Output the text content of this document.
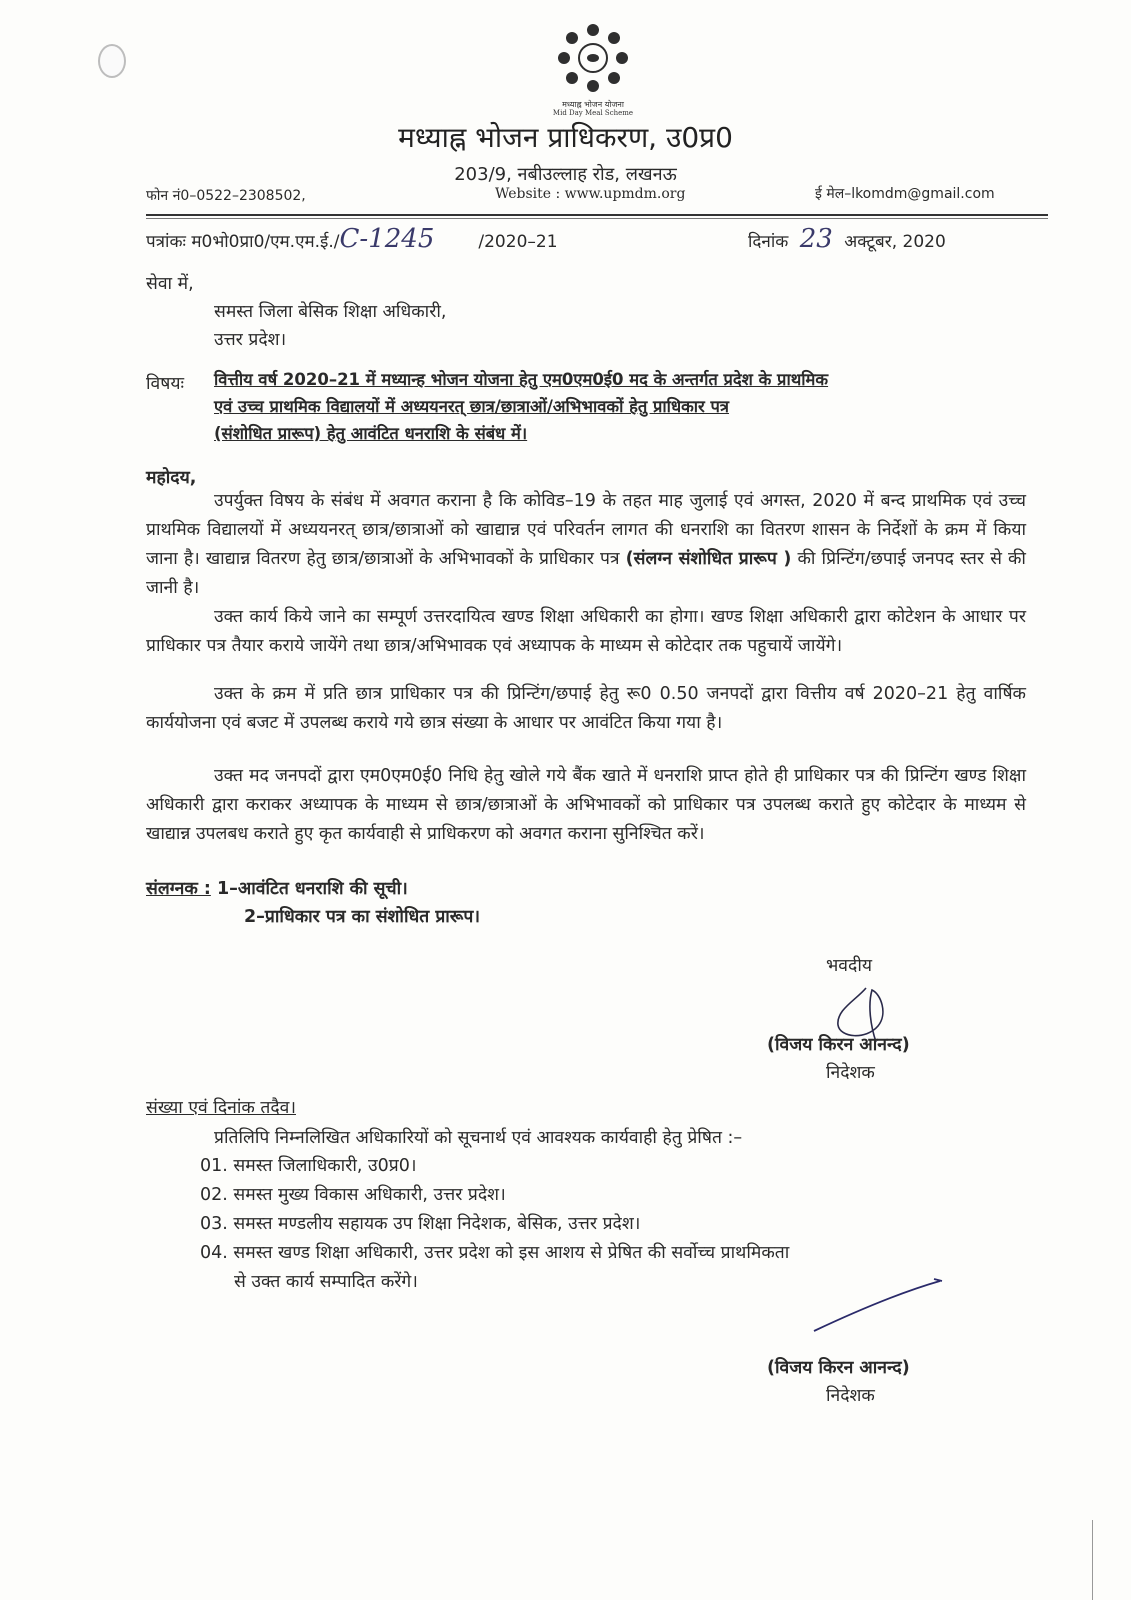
मध्याह्न भोजन योजना
Mid Day Meal Scheme
मध्याह्न भोजन प्राधिकरण, उ0प्र0
203/9, नबीउल्लाह रोड, लखनऊ
फोन नं0–0522–2308502,	Website : www.upmdm.org	ई मेल–lkomdm@gmail.com
पत्रांकः म0भो0प्रा0/एम.एम.ई./C-1245	/2020–21	दिनांक 23 अक्टूबर, 2020
सेवा में,
समस्त जिला बेसिक शिक्षा अधिकारी,
उत्तर प्रदेश।
विषयः वित्तीय वर्ष 2020–21 में मध्यान्ह भोजन योजना हेतु एम0एम0ई0 मद के अन्तर्गत प्रदेश के प्राथमिक
एवं उच्च प्राथमिक विद्यालयों में अध्ययनरत् छात्र/छात्राओं/अभिभावकों हेतु प्राधिकार पत्र
(संशोधित प्रारूप) हेतु आवंटित धनराशि के संबंध में।
महोदय,
उपर्युक्त विषय के संबंध में अवगत कराना है कि कोविड–19 के तहत माह जुलाई एवं अगस्त, 2020 में बन्द प्राथमिक एवं उच्च प्राथमिक विद्यालयों में अध्ययनरत् छात्र/छात्राओं को खाद्यान्न एवं परिवर्तन लागत की धनराशि का वितरण शासन के निर्देशों के क्रम में किया जाना है। खाद्यान्न वितरण हेतु छात्र/छात्राओं के अभिभावकों के प्राधिकार पत्र (संलग्न संशोधित प्रारूप ) की प्रिन्टिंग/छपाई जनपद स्तर से की जानी है।
उक्त कार्य किये जाने का सम्पूर्ण उत्तरदायित्व खण्ड शिक्षा अधिकारी का होगा। खण्ड शिक्षा अधिकारी द्वारा कोटेशन के आधार पर प्राधिकार पत्र तैयार कराये जायेंगे तथा छात्र/अभिभावक एवं अध्यापक के माध्यम से कोटेदार तक पहुचायें जायेंगे।
उक्त के क्रम में प्रति छात्र प्राधिकार पत्र की प्रिन्टिंग/छपाई हेतु रू0 0.50 जनपदों द्वारा वित्तीय वर्ष 2020–21 हेतु वार्षिक कार्ययोजना एवं बजट में उपलब्ध कराये गये छात्र संख्या के आधार पर आवंटित किया गया है।
उक्त मद जनपदों द्वारा एम0एम0ई0 निधि हेतु खोले गये बैंक खाते में धनराशि प्राप्त होते ही प्राधिकार पत्र की प्रिन्टिंग खण्ड शिक्षा अधिकारी द्वारा कराकर अध्यापक के माध्यम से छात्र/छात्राओं के अभिभावकों को प्राधिकार पत्र उपलब्ध कराते हुए कोटेदार के माध्यम से खाद्यान्न उपलबध कराते हुए कृत कार्यवाही से प्राधिकरण को अवगत कराना सुनिश्चित करें।
संलग्नक : 1–आवंटित धनराशि की सूची।
2–प्राधिकार पत्र का संशोधित प्रारूप।
भवदीय
(विजय किरन आनन्द)
निदेशक
संख्या एवं दिनांक तदैव।
प्रतिलिपि निम्नलिखित अधिकारियों को सूचनार्थ एवं आवश्यक कार्यवाही हेतु प्रेषित :–
01. समस्त जिलाधिकारी, उ0प्र0।
02. समस्त मुख्य विकास अधिकारी, उत्तर प्रदेश।
03. समस्त मण्डलीय सहायक उप शिक्षा निदेशक, बेसिक, उत्तर प्रदेश।
04. समस्त खण्ड शिक्षा अधिकारी, उत्तर प्रदेश को इस आशय से प्रेषित की सर्वोच्च प्राथमिकता
से उक्त कार्य सम्पादित करेंगे।
(विजय किरन आनन्द)
निदेशक
